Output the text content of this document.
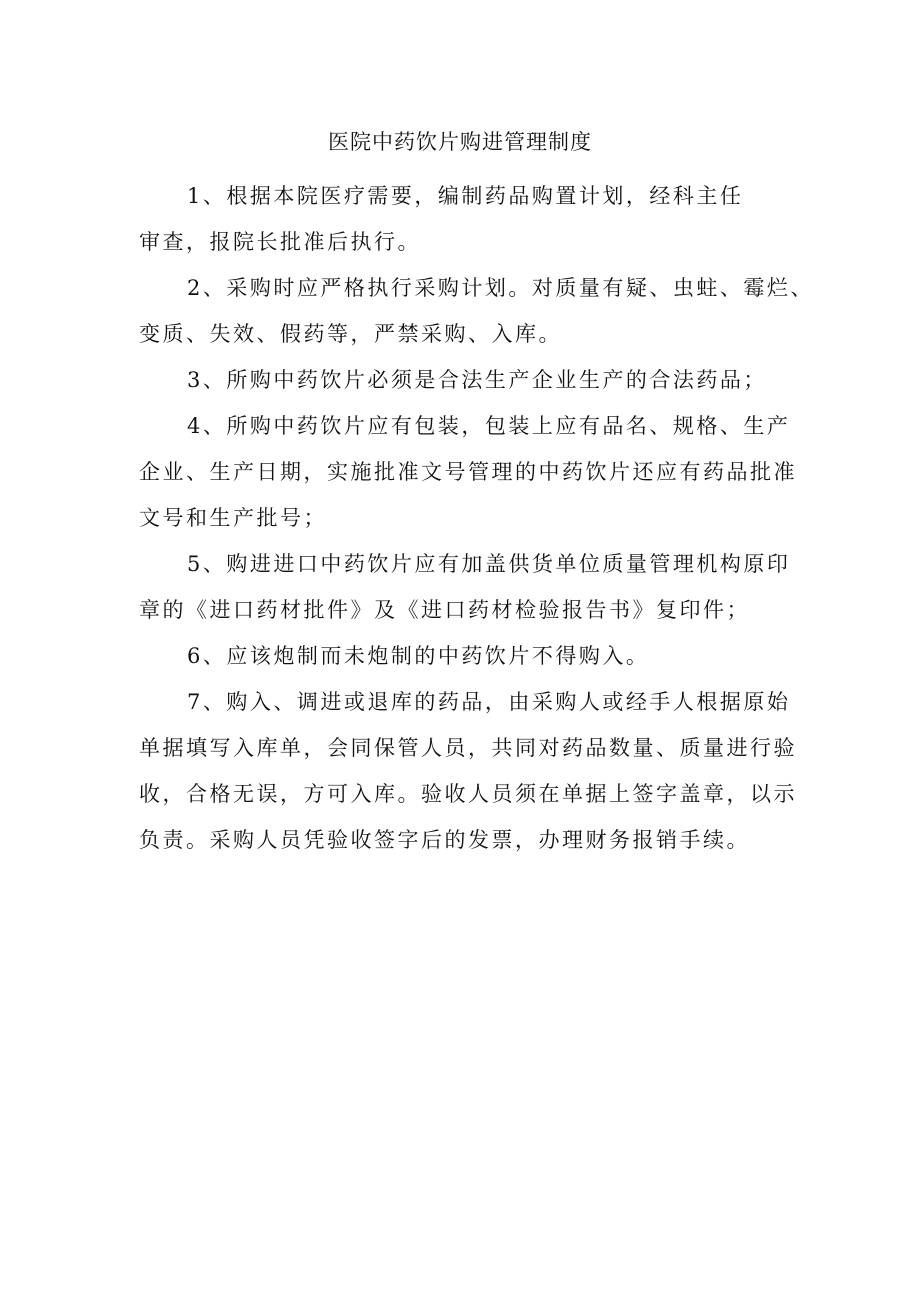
医院中药饮片购进管理制度

1、根据本院医疗需要，编制药品购置计划，经科主任
审查，报院长批准后执行。

2、采购时应严格执行采购计划。对质量有疑、虫蛀、霉烂、
变质、失效、假药等，严禁采购、入库。

3、所购中药饮片必须是合法生产企业生产的合法药品；

4、所购中药饮片应有包装，包装上应有品名、规格、生产
企业、生产日期，实施批准文号管理的中药饮片还应有药品批准
文号和生产批号；

5、购进进口中药饮片应有加盖供货单位质量管理机构原印
章的《进口药材批件》及《进口药材检验报告书》复印件；

6、应该炮制而未炮制的中药饮片不得购入。

7、购入、调进或退库的药品，由采购人或经手人根据原始
单据填写入库单，会同保管人员，共同对药品数量、质量进行验
收，合格无误，方可入库。验收人员须在单据上签字盖章，以示
负责。采购人员凭验收签字后的发票，办理财务报销手续。
